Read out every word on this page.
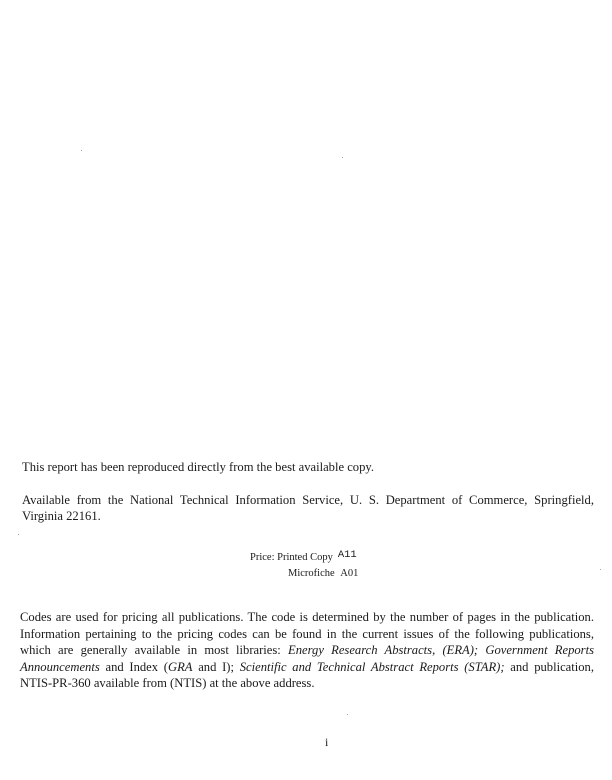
This report has been reproduced directly from the best available copy.
Available from the National Technical Information Service, U. S. Department of Commerce, Springfield, Virginia 22161.
Price: Printed Copy A11
Microfiche A01
Codes are used for pricing all publications. The code is determined by the number of pages in the publication. Information pertaining to the pricing codes can be found in the current issues of the following publications, which are generally available in most libraries: Energy Research Abstracts, (ERA); Government Reports Announcements and Index (GRA and I); Scientific and Technical Abstract Reports (STAR); and publication, NTIS-PR-360 available from (NTIS) at the above address.
i
